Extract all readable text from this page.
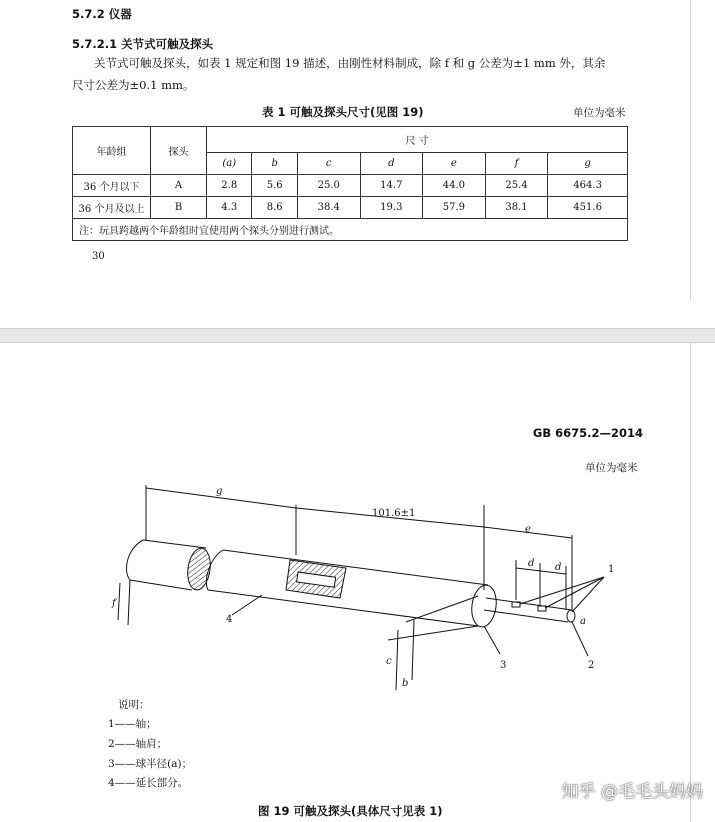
5.7.2 仪器
5.7.2.1 关节式可触及探头
关节式可触及探头，如表 1 规定和图 19 描述，由刚性材料制成，除 f 和 g 公差为±1 mm 外，其余
尺寸公差为±0.1 mm。
表 1 可触及探头尺寸(见图 19)	单位为毫米
年龄组	探头	尺 寸						
		(a)	b	c	d	e	f	g
36 个月以下	A	2.8	5.6	25.0	14.7	44.0	25.4	464.3
36 个月及以上	B	4.3	8.6	38.4	19.3	57.9	38.1	451.6
注：玩具跨越两个年龄组时宜使用两个探头分别进行测试。								
30
GB 6675.2—2014
单位为毫米
g
101.6±1
e
d d	1
f
a
4
c
b
3	2
说明：
1——轴；
2——轴肩；
3——球半径(a)；
4——延长部分。
图 19 可触及探头(具体尺寸见表 1)
知乎 @毛毛头妈妈
